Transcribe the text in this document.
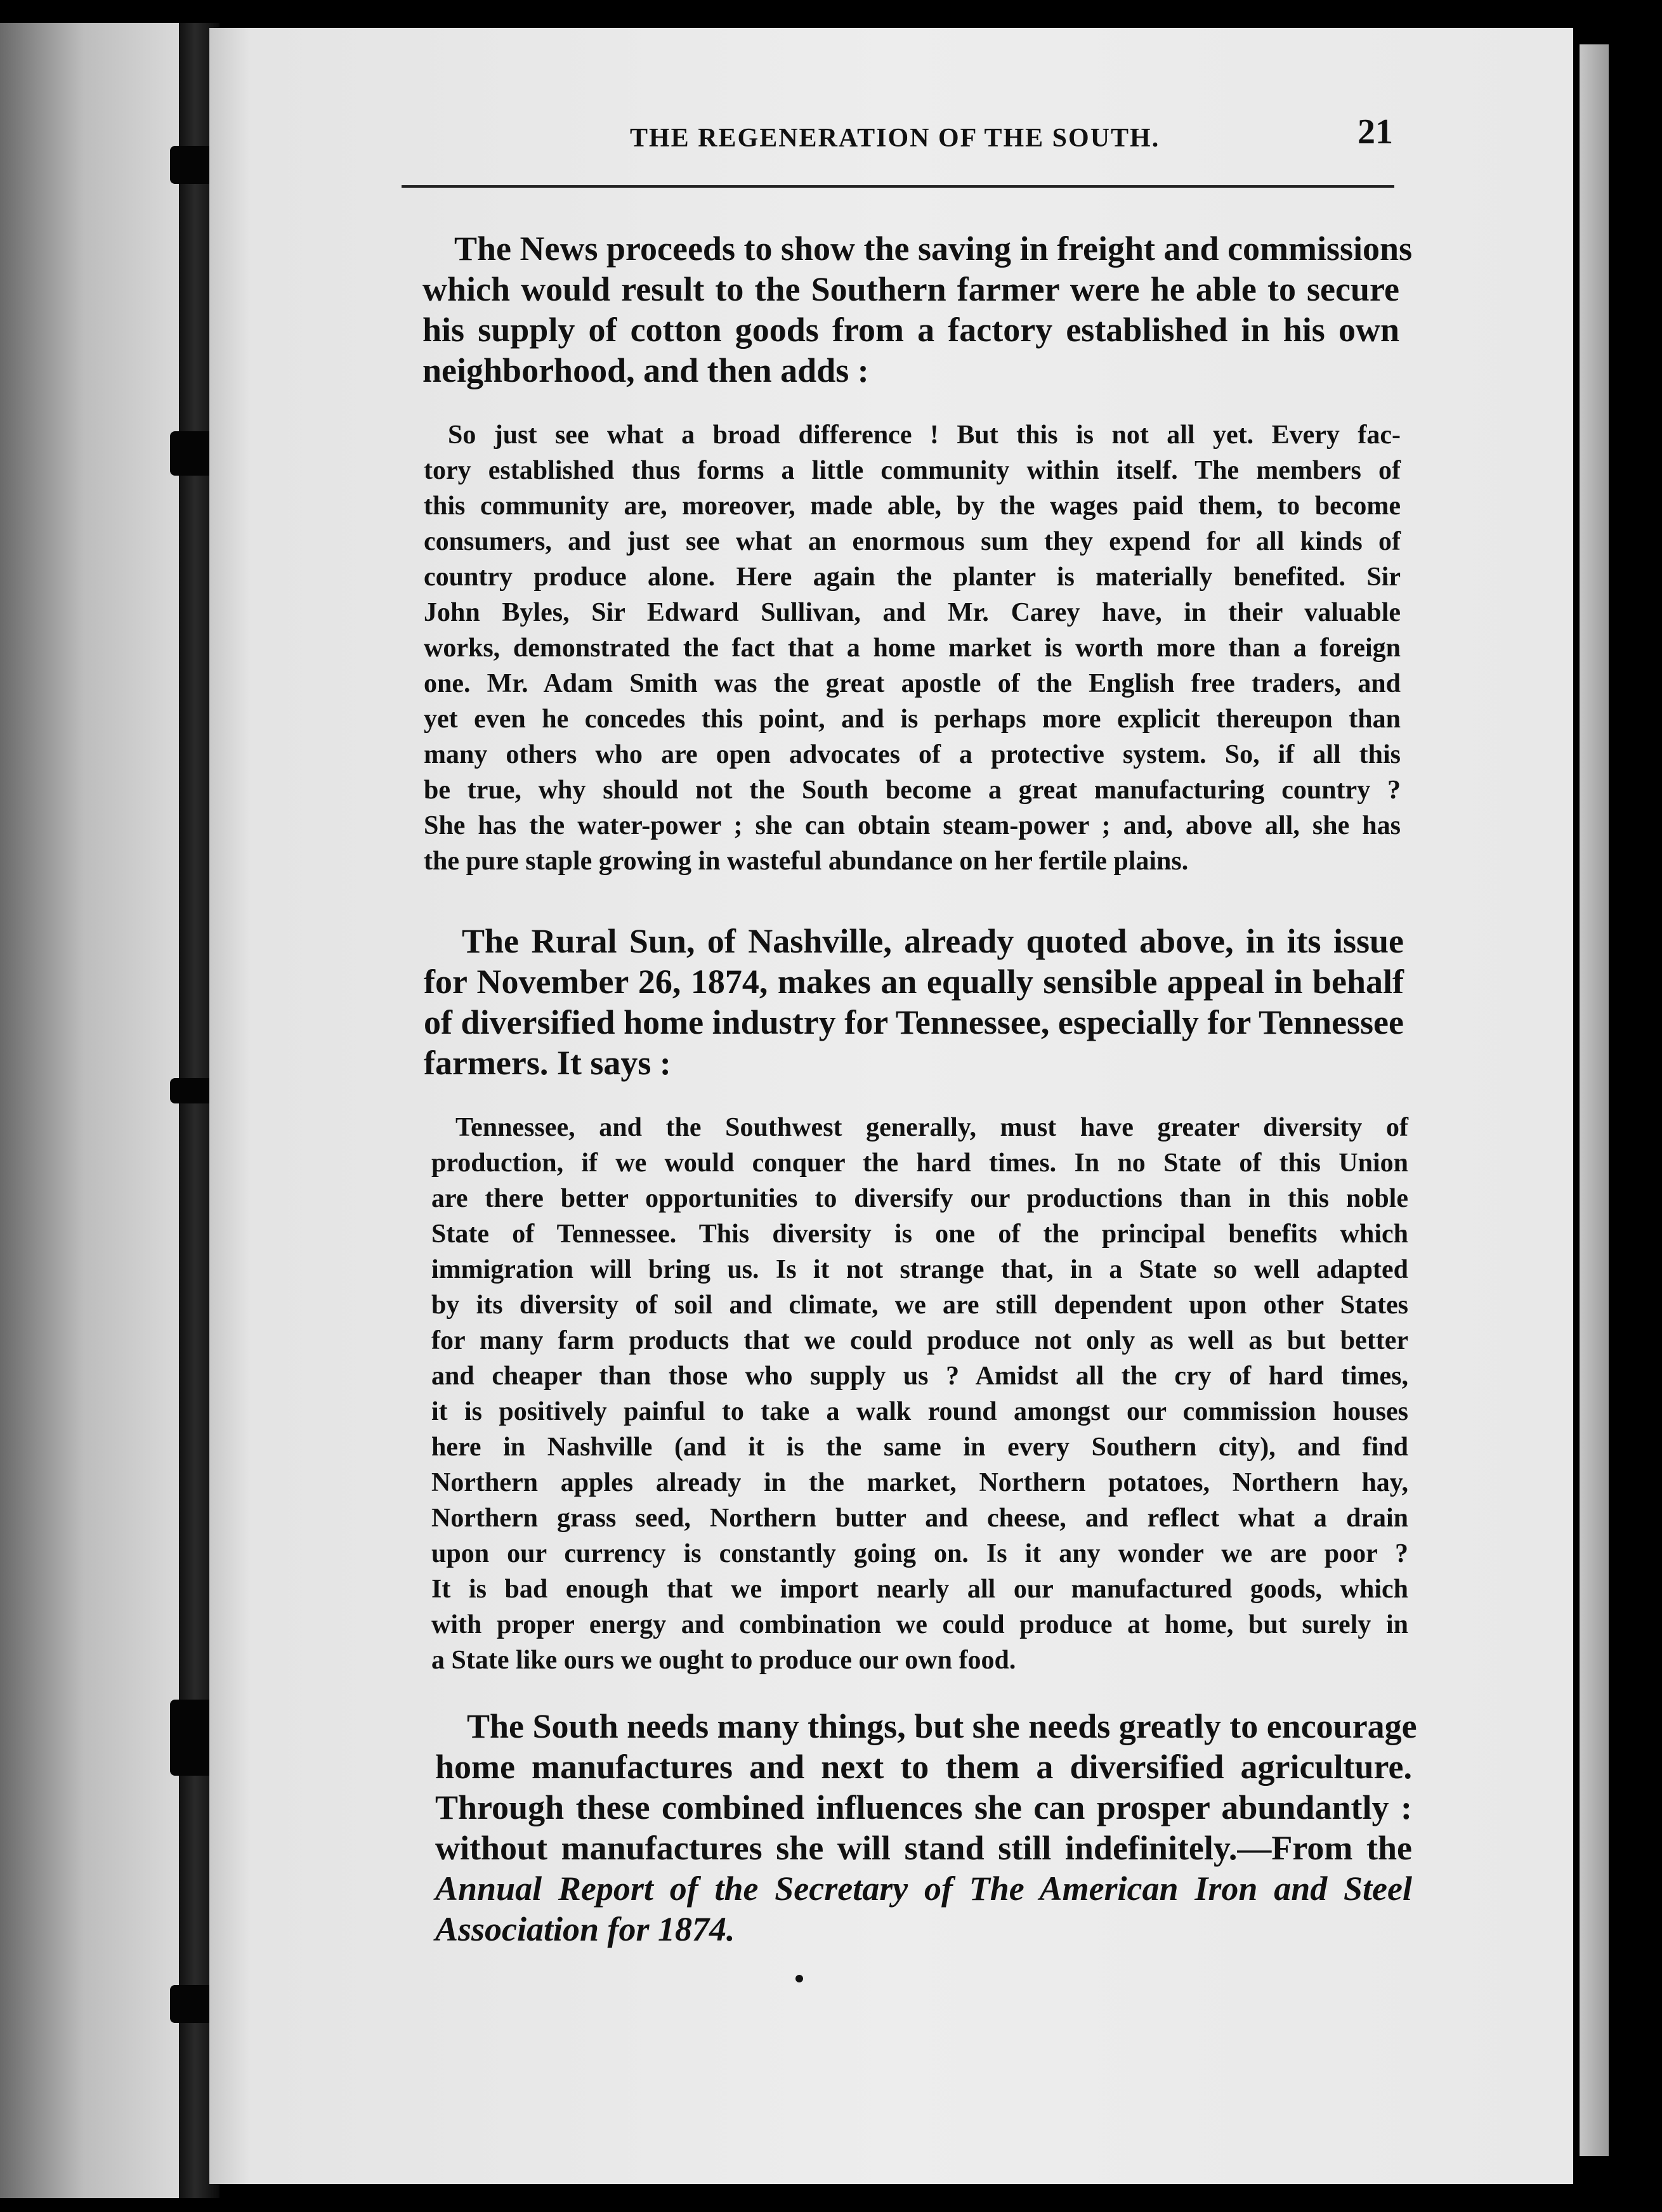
THE REGENERATION OF THE SOUTH.	21
The News proceeds to show the saving in freight and commissions
which would result to the Southern farmer were he able to secure
his supply of cotton goods from a factory established in his own
neighborhood, and then adds :
So just see what a broad difference ! But this is not all yet. Every fac-
tory established thus forms a little community within itself. The members of
this community are, moreover, made able, by the wages paid them, to become
consumers, and just see what an enormous sum they expend for all kinds of
country produce alone. Here again the planter is materially benefited. Sir
John Byles, Sir Edward Sullivan, and Mr. Carey have, in their valuable
works, demonstrated the fact that a home market is worth more than a foreign
one. Mr. Adam Smith was the great apostle of the English free traders, and
yet even he concedes this point, and is perhaps more explicit thereupon than
many others who are open advocates of a protective system. So, if all this
be true, why should not the South become a great manufacturing country ?
She has the water-power ; she can obtain steam-power ; and, above all, she has
the pure staple growing in wasteful abundance on her fertile plains.
The Rural Sun, of Nashville, already quoted above, in its issue
for November 26, 1874, makes an equally sensible appeal in behalf
of diversified home industry for Tennessee, especially for Tennessee
farmers. It says :
Tennessee, and the Southwest generally, must have greater diversity of
production, if we would conquer the hard times. In no State of this Union
are there better opportunities to diversify our productions than in this noble
State of Tennessee. This diversity is one of the principal benefits which
immigration will bring us. Is it not strange that, in a State so well adapted
by its diversity of soil and climate, we are still dependent upon other States
for many farm products that we could produce not only as well as but better
and cheaper than those who supply us ? Amidst all the cry of hard times,
it is positively painful to take a walk round amongst our commission houses
here in Nashville (and it is the same in every Southern city), and find
Northern apples already in the market, Northern potatoes, Northern hay,
Northern grass seed, Northern butter and cheese, and reflect what a drain
upon our currency is constantly going on. Is it any wonder we are poor ?
It is bad enough that we import nearly all our manufactured goods, which
with proper energy and combination we could produce at home, but surely in
a State like ours we ought to produce our own food.
The South needs many things, but she needs greatly to encourage
home manufactures and next to them a diversified agriculture.
Through these combined influences she can prosper abundantly :
without manufactures she will stand still indefinitely.—From the
Annual Report of the Secretary of The American Iron and Steel
Association for 1874.
